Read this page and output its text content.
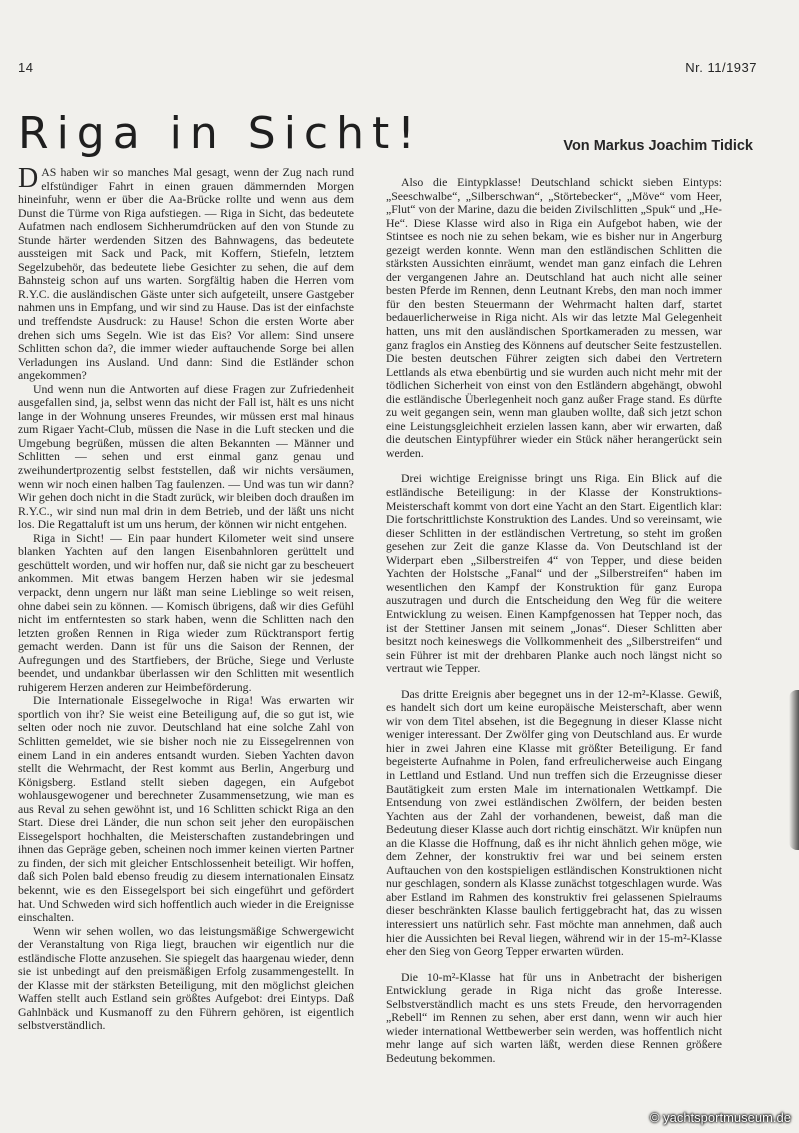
14	Nr. 11/1937
Riga in Sicht!	Von Markus Joachim Tidick

DAS haben wir so manches Mal gesagt, wenn der Zug nach rund elfstündiger Fahrt in einen grauen dämmernden Morgen hineinfuhr, wenn er über die Aa-Brücke rollte und wenn aus dem Dunst die Türme von Riga aufstiegen. — Riga in Sicht, das bedeutete Aufatmen nach endlosem Sichherumdrücken auf den von Stunde zu Stunde härter werdenden Sitzen des Bahnwagens, das bedeutete aussteigen mit Sack und Pack, mit Koffern, Stiefeln, letztem Segelzubehör, das bedeutete liebe Gesichter zu sehen, die auf dem Bahnsteig schon auf uns warten. Sorgfältig haben die Herren vom R.Y.C. die ausländischen Gäste unter sich aufgeteilt, unsere Gastgeber nahmen uns in Empfang, und wir sind zu Hause. Das ist der einfachste und treffendste Ausdruck: zu Hause! Schon die ersten Worte aber drehen sich ums Segeln. Wie ist das Eis? Vor allem: Sind unsere Schlitten schon da?, die immer wieder auftauchende Sorge bei allen Verladungen ins Ausland. Und dann: Sind die Estländer schon angekommen?

Und wenn nun die Antworten auf diese Fragen zur Zufriedenheit ausgefallen sind, ja, selbst wenn das nicht der Fall ist, hält es uns nicht lange in der Wohnung unseres Freundes, wir müssen erst mal hinaus zum Rigaer Yacht-Club, müssen die Nase in die Luft stecken und die Umgebung begrüßen, müssen die alten Bekannten — Männer und Schlitten — sehen und erst einmal ganz genau und zweihundertprozentig selbst feststellen, daß wir nichts versäumen, wenn wir noch einen halben Tag faulenzen. — Und was tun wir dann? Wir gehen doch nicht in die Stadt zurück, wir bleiben doch draußen im R.Y.C., wir sind nun mal drin in dem Betrieb, und der läßt uns nicht los. Die Regattaluft ist um uns herum, der können wir nicht entgehen.

Riga in Sicht! — Ein paar hundert Kilometer weit sind unsere blanken Yachten auf den langen Eisenbahnloren gerüttelt und geschüttelt worden, und wir hoffen nur, daß sie nicht gar zu bescheuert ankommen. Mit etwas bangem Herzen haben wir sie jedesmal verpackt, denn ungern nur läßt man seine Lieblinge so weit reisen, ohne dabei sein zu können. — Komisch übrigens, daß wir dies Gefühl nicht im entferntesten so stark haben, wenn die Schlitten nach den letzten großen Rennen in Riga wieder zum Rücktransport fertig gemacht werden. Dann ist für uns die Saison der Rennen, der Aufregungen und des Startfiebers, der Brüche, Siege und Verluste beendet, und undankbar überlassen wir den Schlitten mit wesentlich ruhigerem Herzen anderen zur Heimbeförderung.

Die Internationale Eissegelwoche in Riga! Was erwarten wir sportlich von ihr? Sie weist eine Beteiligung auf, die so gut ist, wie selten oder noch nie zuvor. Deutschland hat eine solche Zahl von Schlitten gemeldet, wie sie bisher noch nie zu Eissegelrennen von einem Land in ein anderes entsandt wurden. Sieben Yachten davon stellt die Wehrmacht, der Rest kommt aus Berlin, Angerburg und Königsberg. Estland stellt sieben dagegen, ein Aufgebot wohlausgewogener und berechneter Zusammensetzung, wie man es aus Reval zu sehen gewöhnt ist, und 16 Schlitten schickt Riga an den Start. Diese drei Länder, die nun schon seit jeher den europäischen Eissegelsport hochhalten, die Meisterschaften zustandebringen und ihnen das Gepräge geben, scheinen noch immer keinen vierten Partner zu finden, der sich mit gleicher Entschlossenheit beteiligt. Wir hoffen, daß sich Polen bald ebenso freudig zu diesem internationalen Einsatz bekennt, wie es den Eissegelsport bei sich eingeführt und gefördert hat. Und Schweden wird sich hoffentlich auch wieder in die Ereignisse einschalten.

Wenn wir sehen wollen, wo das leistungsmäßige Schwergewicht der Veranstaltung von Riga liegt, brauchen wir eigentlich nur die estländische Flotte anzusehen. Sie spiegelt das haargenau wieder, denn sie ist unbedingt auf den preismäßigen Erfolg zusammengestellt. In der Klasse mit der stärksten Beteiligung, mit den möglichst gleichen Waffen stellt auch Estland sein größtes Aufgebot: drei Eintyps. Daß Gahlnbäck und Kusmanoff zu den Führern gehören, ist eigentlich selbstverständlich.

Also die Eintypklasse! Deutschland schickt sieben Eintyps: „Seeschwalbe“, „Silberschwan“, „Störtebecker“, „Möve“ vom Heer, „Flut“ von der Marine, dazu die beiden Zivilschlitten „Spuk“ und „He-He“. Diese Klasse wird also in Riga ein Aufgebot haben, wie der Stintsee es noch nie zu sehen bekam, wie es bisher nur in Angerburg gezeigt werden konnte. Wenn man den estländischen Schlitten die stärksten Aussichten einräumt, wendet man ganz einfach die Lehren der vergangenen Jahre an. Deutschland hat auch nicht alle seiner besten Pferde im Rennen, denn Leutnant Krebs, den man noch immer für den besten Steuermann der Wehrmacht halten darf, startet bedauerlicherweise in Riga nicht. Als wir das letzte Mal Gelegenheit hatten, uns mit den ausländischen Sportkameraden zu messen, war ganz fraglos ein Anstieg des Könnens auf deutscher Seite festzustellen. Die besten deutschen Führer zeigten sich dabei den Vertretern Lettlands als etwa ebenbürtig und sie wurden auch nicht mehr mit der tödlichen Sicherheit von einst von den Estländern abgehängt, obwohl die estländische Überlegenheit noch ganz außer Frage stand. Es dürfte zu weit gegangen sein, wenn man glauben wollte, daß sich jetzt schon eine Leistungsgleichheit erzielen lassen kann, aber wir erwarten, daß die deutschen Eintypführer wieder ein Stück näher herangerückt sein werden.

Drei wichtige Ereignisse bringt uns Riga. Ein Blick auf die estländische Beteiligung: in der Klasse der Konstruktions-Meisterschaft kommt von dort eine Yacht an den Start. Eigentlich klar: Die fortschrittlichste Konstruktion des Landes. Und so vereinsamt, wie dieser Schlitten in der estländischen Vertretung, so steht im großen gesehen zur Zeit die ganze Klasse da. Von Deutschland ist der Widerpart eben „Silberstreifen 4“ von Tepper, und diese beiden Yachten der Holstsche „Fanal“ und der „Silberstreifen“ haben im wesentlichen den Kampf der Konstruktion für ganz Europa auszutragen und durch die Entscheidung den Weg für die weitere Entwicklung zu weisen. Einen Kampfgenossen hat Tepper noch, das ist der Stettiner Jansen mit seinem „Jonas“. Dieser Schlitten aber besitzt noch keineswegs die Vollkommenheit des „Silberstreifen“ und sein Führer ist mit der drehbaren Planke auch noch längst nicht so vertraut wie Tepper.

Das dritte Ereignis aber begegnet uns in der 12-m²-Klasse. Gewiß, es handelt sich dort um keine europäische Meisterschaft, aber wenn wir von dem Titel absehen, ist die Begegnung in dieser Klasse nicht weniger interessant. Der Zwölfer ging von Deutschland aus. Er wurde hier in zwei Jahren eine Klasse mit größter Beteiligung. Er fand begeisterte Aufnahme in Polen, fand erfreulicherweise auch Eingang in Lettland und Estland. Und nun treffen sich die Erzeugnisse dieser Bautätigkeit zum ersten Male im internationalen Wettkampf. Die Entsendung von zwei estländischen Zwölfern, der beiden besten Yachten aus der Zahl der vorhandenen, beweist, daß man die Bedeutung dieser Klasse auch dort richtig einschätzt. Wir knüpfen nun an die Klasse die Hoffnung, daß es ihr nicht ähnlich gehen möge, wie dem Zehner, der konstruktiv frei war und bei seinem ersten Auftauchen von den kostspieligen estländischen Konstruktionen nicht nur geschlagen, sondern als Klasse zunächst totgeschlagen wurde. Was aber Estland im Rahmen des konstruktiv frei gelassenen Spielraums dieser beschränkten Klasse baulich fertiggebracht hat, das zu wissen interessiert uns natürlich sehr. Fast möchte man annehmen, daß auch hier die Aussichten bei Reval liegen, während wir in der 15-m²-Klasse eher den Sieg von Georg Tepper erwarten würden.

Die 10-m²-Klasse hat für uns in Anbetracht der bisherigen Entwicklung gerade in Riga nicht das große Interesse. Selbstverständlich macht es uns stets Freude, den hervorragenden „Rebell“ im Rennen zu sehen, aber erst dann, wenn wir auch hier wieder international Wettbewerber sein werden, was hoffentlich nicht mehr lange auf sich warten läßt, werden diese Rennen größere Bedeutung bekommen.

© yachtsportmuseum.de
